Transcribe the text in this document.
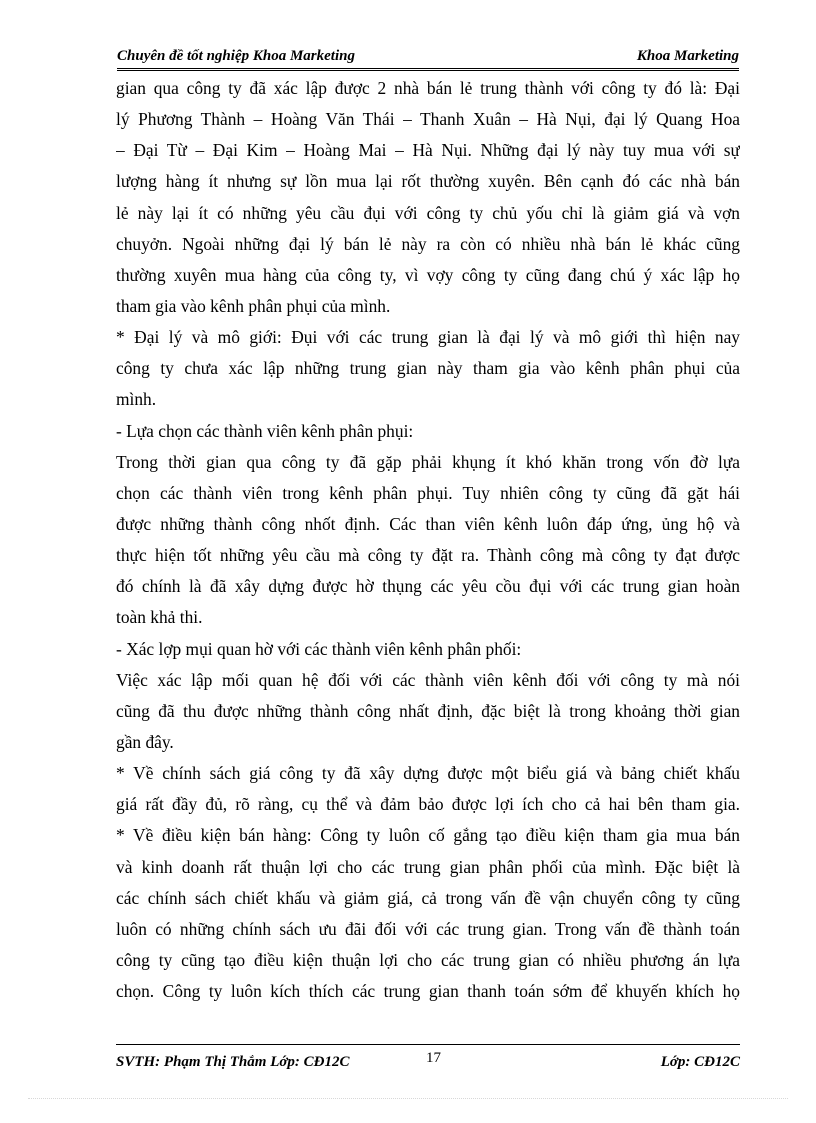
Chuyên đề tốt nghiệp Khoa Marketing	Khoa Marketing
gian qua công ty đã xác lập được 2 nhà bán lẻ trung thành với công ty đó là: Đại
lý Phương Thành – Hoàng Văn Thái – Thanh Xuân – Hà Nụi, đại lý Quang Hoa
– Đại Từ – Đại Kim – Hoàng Mai – Hà Nụi. Những đại lý này tuy mua với sự
lượng hàng ít nhưng sự lồn mua lại rốt thường xuyên. Bên cạnh đó các nhà bán
lẻ này lại ít có những yêu cầu đụi với công ty chủ yốu chỉ là giảm giá và vợn
chuyởn. Ngoài những đại lý bán lẻ này ra còn có nhiều nhà bán lẻ khác cũng
thường xuyên mua hàng của công ty, vì vợy công ty cũng đang chú ý xác lập họ
tham gia vào kênh phân phụi của mình.
* Đại lý và mô giới: Đụi với các trung gian là đại lý và mô giới thì hiện nay
công ty chưa xác lập những trung gian này tham gia vào kênh phân phụi của
mình.
- Lựa chọn các thành viên kênh phân phụi:
Trong thời gian qua công ty đã gặp phải khụng ít khó khăn trong vốn đờ lựa
chọn các thành viên trong kênh phân phụi. Tuy nhiên công ty cũng đã gặt hái
được những thành công nhốt định. Các than viên kênh luôn đáp ứng, ủng hộ và
thực hiện tốt những yêu cầu mà công ty đặt ra. Thành công mà công ty đạt được
đó chính là đã xây dựng được hờ thụng các yêu cồu đụi với các trung gian hoàn
toàn khả thi.
- Xác lợp mụi quan hờ với các thành viên kênh phân phối:
Việc xác lập mối quan hệ đối với các thành viên kênh đối với công ty mà nói
cũng đã thu được những thành công nhất định, đặc biệt là trong khoảng thời gian
gần đây.
* Về chính sách giá công ty đã xây dựng được một biểu giá và bảng chiết khấu
giá rất đầy đủ, rõ ràng, cụ thể và đảm bảo được lợi ích cho cả hai bên tham gia.
* Về điều kiện bán hàng: Công ty luôn cố gắng tạo điều kiện tham gia mua bán
và kinh doanh rất thuận lợi cho các trung gian phân phối của mình. Đặc biệt là
các chính sách chiết khấu và giảm giá, cả trong vấn đề vận chuyển công ty cũng
luôn có những chính sách ưu đãi đối với các trung gian. Trong vấn đề thành toán
công ty cũng tạo điều kiện thuận lợi cho các trung gian có nhiều phương án lựa
chọn. Công ty luôn kích thích các trung gian thanh toán sớm để khuyến khích họ
SVTH: Phạm Thị Thắm Lớp: CĐ12C	17	Lớp: CĐ12C
